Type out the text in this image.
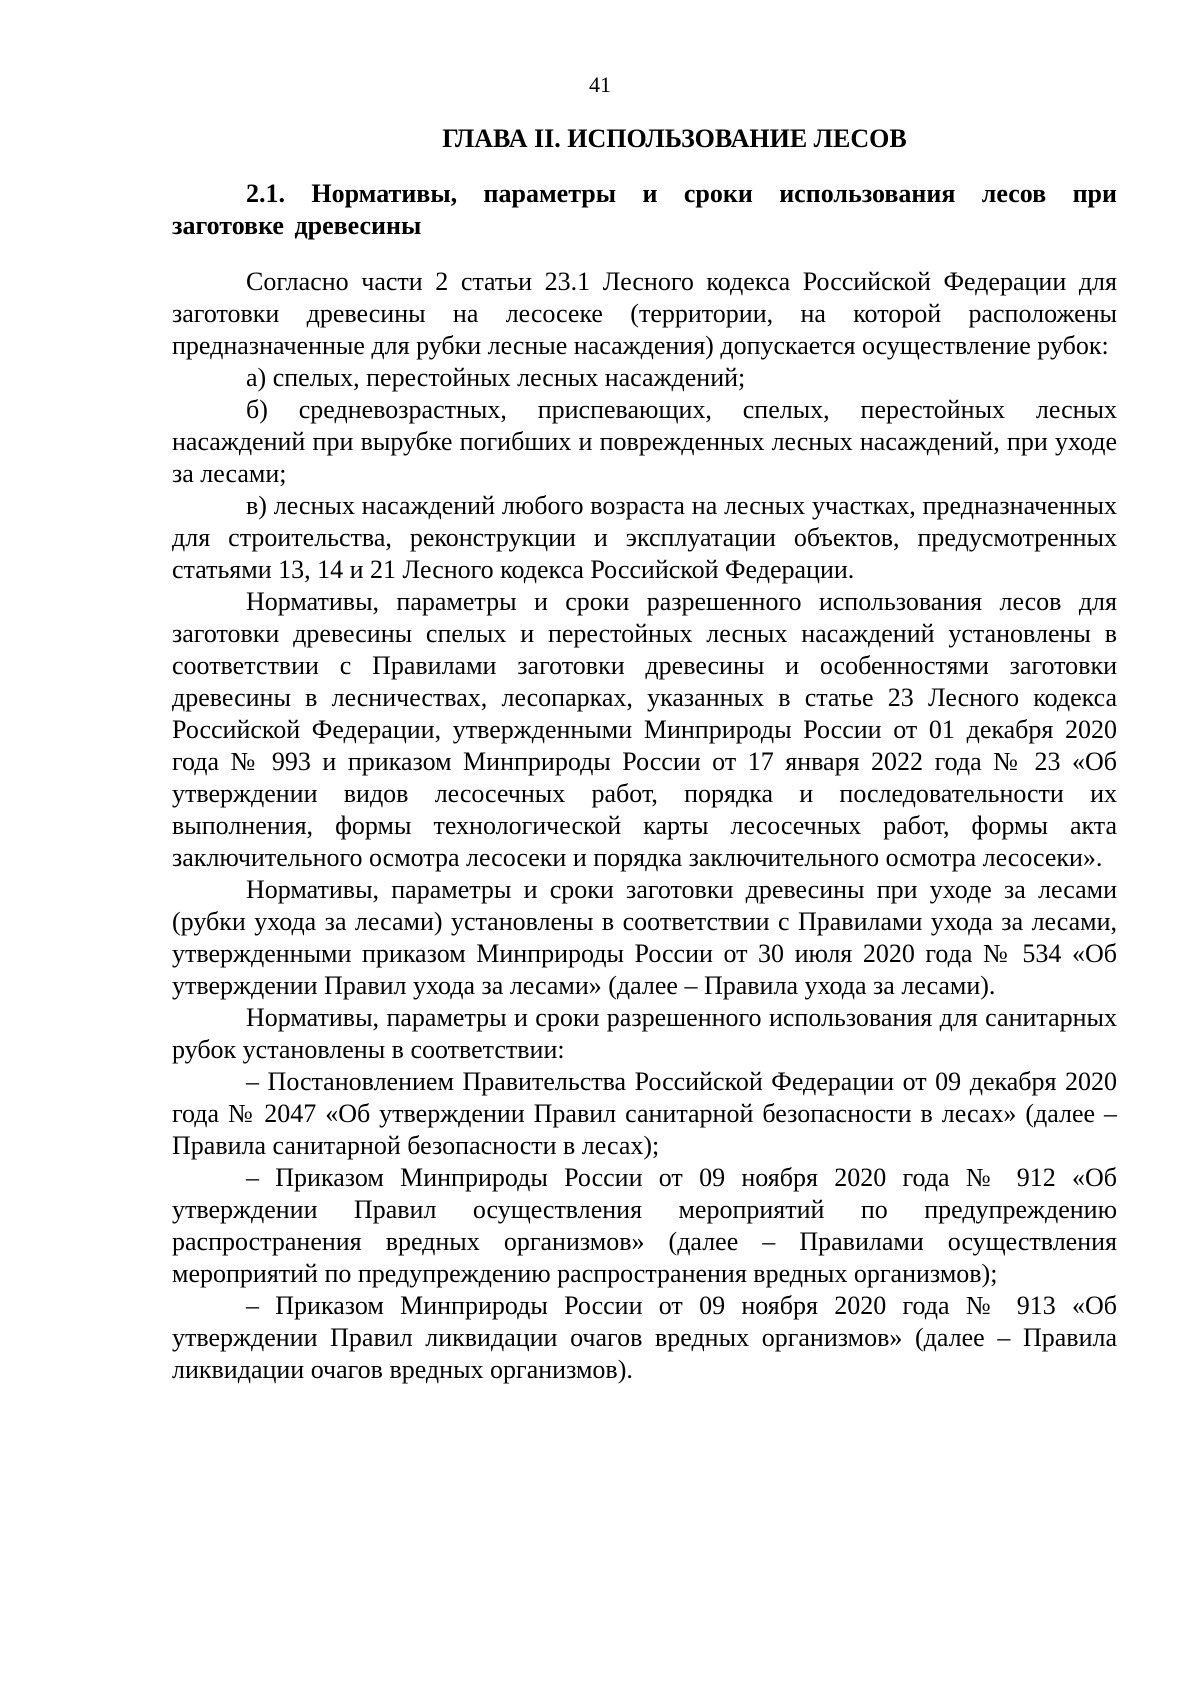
41
ГЛАВА II. ИСПОЛЬЗОВАНИЕ ЛЕСОВ
2.1. Нормативы, параметры и сроки использования лесов при заготовке древесины

Согласно части 2 статьи 23.1 Лесного кодекса Российской Федерации для заготовки древесины на лесосеке (территории, на которой расположены предназначенные для рубки лесные насаждения) допускается осуществление рубок:

а) спелых, перестойных лесных насаждений;

б) средневозрастных, приспевающих, спелых, перестойных лесных насаждений при вырубке погибших и поврежденных лесных насаждений, при уходе за лесами;

в) лесных насаждений любого возраста на лесных участках, предназначенных для строительства, реконструкции и эксплуатации объектов, предусмотренных статьями 13, 14 и 21 Лесного кодекса Российской Федерации.

Нормативы, параметры и сроки разрешенного использования лесов для заготовки древесины спелых и перестойных лесных насаждений установлены в соответствии с Правилами заготовки древесины и особенностями заготовки древесины в лесничествах, лесопарках, указанных в статье 23 Лесного кодекса Российской Федерации, утвержденными Минприроды России от 01 декабря 2020 года № 993 и приказом Минприроды России от 17 января 2022 года № 23 «Об утверждении видов лесосечных работ, порядка и последовательности их выполнения, формы технологической карты лесосечных работ, формы акта заключительного осмотра лесосеки и порядка заключительного осмотра лесосеки».

Нормативы, параметры и сроки заготовки древесины при уходе за лесами (рубки ухода за лесами) установлены в соответствии с Правилами ухода за лесами, утвержденными приказом Минприроды России от 30 июля 2020 года № 534 «Об утверждении Правил ухода за лесами» (далее – Правила ухода за лесами).

Нормативы, параметры и сроки разрешенного использования для санитарных рубок установлены в соответствии:

– Постановлением Правительства Российской Федерации от 09 декабря 2020 года № 2047 «Об утверждении Правил санитарной безопасности в лесах» (далее – Правила санитарной безопасности в лесах);

– Приказом Минприроды России от 09 ноября 2020 года № 912 «Об утверждении Правил осуществления мероприятий по предупреждению распространения вредных организмов» (далее – Правилами осуществления мероприятий по предупреждению распространения вредных организмов);

– Приказом Минприроды России от 09 ноября 2020 года № 913 «Об утверждении Правил ликвидации очагов вредных организмов» (далее – Правила ликвидации очагов вредных организмов).
